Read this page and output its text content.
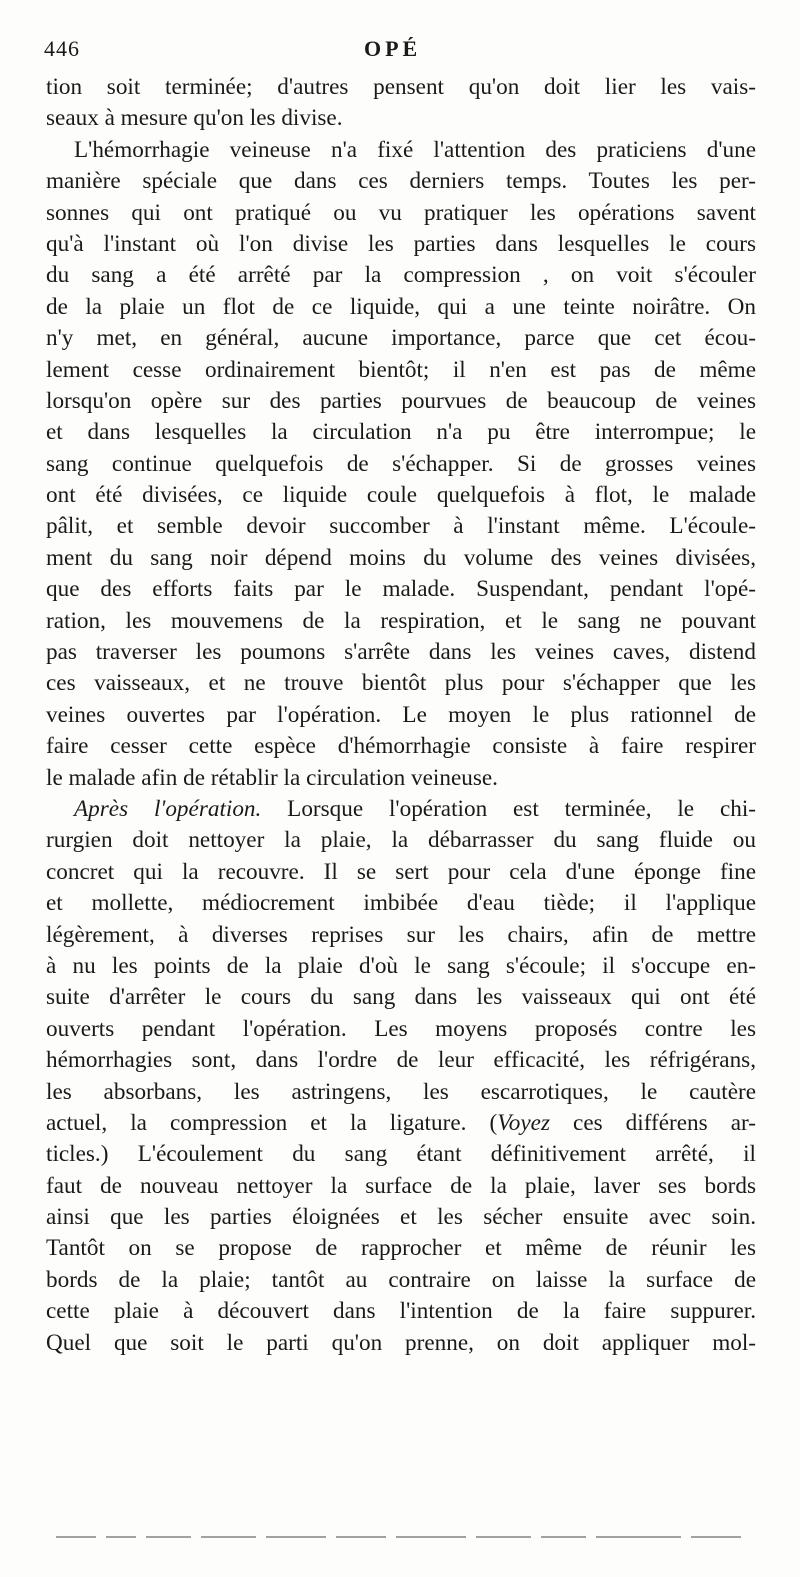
446	OPÉ
tion soit terminée; d'autres pensent qu'on doit lier les vais-
seaux à mesure qu'on les divise.
L'hémorrhagie veineuse n'a fixé l'attention des praticiens d'une
manière spéciale que dans ces derniers temps. Toutes les per-
sonnes qui ont pratiqué ou vu pratiquer les opérations savent
qu'à l'instant où l'on divise les parties dans lesquelles le cours
du sang a été arrêté par la compression , on voit s'écouler
de la plaie un flot de ce liquide, qui a une teinte noirâtre. On
n'y met, en général, aucune importance, parce que cet écou-
lement cesse ordinairement bientôt; il n'en est pas de même
lorsqu'on opère sur des parties pourvues de beaucoup de veines
et dans lesquelles la circulation n'a pu être interrompue; le
sang continue quelquefois de s'échapper. Si de grosses veines
ont été divisées, ce liquide coule quelquefois à flot, le malade
pâlit, et semble devoir succomber à l'instant même. L'écoule-
ment du sang noir dépend moins du volume des veines divisées,
que des efforts faits par le malade. Suspendant, pendant l'opé-
ration, les mouvemens de la respiration, et le sang ne pouvant
pas traverser les poumons s'arrête dans les veines caves, distend
ces vaisseaux, et ne trouve bientôt plus pour s'échapper que les
veines ouvertes par l'opération. Le moyen le plus rationnel de
faire cesser cette espèce d'hémorrhagie consiste à faire respirer
le malade afin de rétablir la circulation veineuse.
Après l'opération. Lorsque l'opération est terminée, le chi-
rurgien doit nettoyer la plaie, la débarrasser du sang fluide ou
concret qui la recouvre. Il se sert pour cela d'une éponge fine
et mollette, médiocrement imbibée d'eau tiède; il l'applique
légèrement, à diverses reprises sur les chairs, afin de mettre
à nu les points de la plaie d'où le sang s'écoule; il s'occupe en-
suite d'arrêter le cours du sang dans les vaisseaux qui ont été
ouverts pendant l'opération. Les moyens proposés contre les
hémorrhagies sont, dans l'ordre de leur efficacité, les réfrigérans,
les absorbans, les astringens, les escarrotiques, le cautère
actuel, la compression et la ligature. (Voyez ces différens ar-
ticles.) L'écoulement du sang étant définitivement arrêté, il
faut de nouveau nettoyer la surface de la plaie, laver ses bords
ainsi que les parties éloignées et les sécher ensuite avec soin.
Tantôt on se propose de rapprocher et même de réunir les
bords de la plaie; tantôt au contraire on laisse la surface de
cette plaie à découvert dans l'intention de la faire suppurer.
Quel que soit le parti qu'on prenne, on doit appliquer mol-
